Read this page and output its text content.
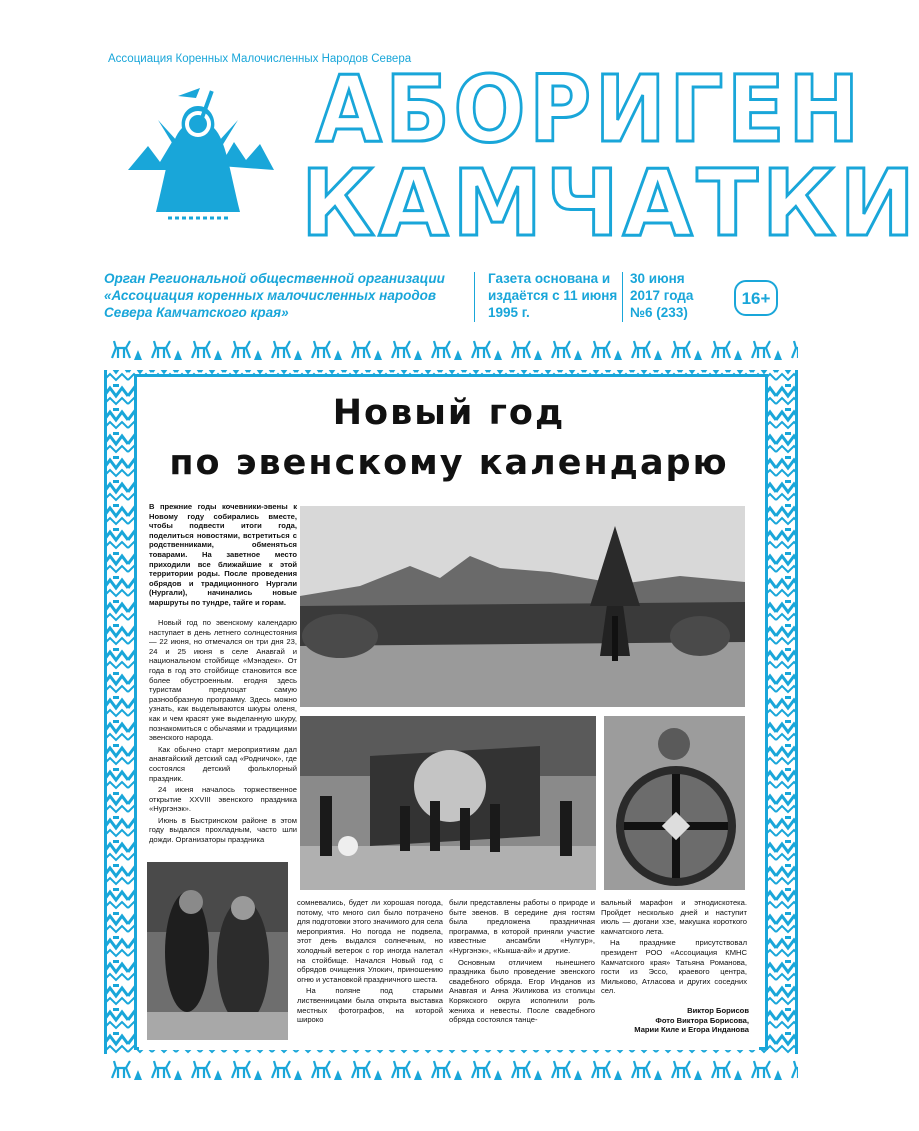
Ассоциация Коренных Малочисленных Народов Севера
АБОРИГЕН
КАМЧАТКИ
Орган Региональной общественной организации «Ассоциация коренных малочисленных народов Севера Камчатского края»
Газета основана и издаётся с 11 июня 1995 г.
30 июня
2017 года
№6 (233)
16+
Новый год
по эвенскому календарю
В прежние годы кочевники-эвены к Новому году собирались вместе, чтобы подвести итоги года, поделиться новостями, встретиться с родственниками, обменяться товарами. На заветное место приходили все ближайшие к этой территории роды. После проведения обрядов и традиционного Нургэли (Нургали), начинались новые маршруты по тундре, тайге и горам.

Новый год по эвенскому календарю наступает в день летнего солнцестояния — 22 июня, но отмечался он три дня 23, 24 и 25 июня в селе Анавгай и национальном стойбище «Мэнэдек». От года в год это стойбище становится все более обустроенным. егодня здесь туристам предлоцат самую разнообразную программу. Здесь можно узнать, как выделываются шкуры оленя, как и чем красят уже выделанную шкуру, познакомиться с обычаями и традициями эвенского народа.

Как обычно старт мероприятиям дал анавгайский детский сад «Родничок», где состоялся детский фольклорный праздник.

24 июня началось торжественное открытие XXVIII эвенского праздника «Нургэнэк».

Июнь в Быстринском районе в этом году выдался прохладным, часто шли дожди. Организаторы праздника

сомневались, будет ли хорошая погода, потому, что много сил было потрачено для подготовки этого значимого для села мероприятия. Но погода не подвела, этот день выдался солнечным, но холодный ветерок с гор иногда налетал на стойбище. Начался Новый год с обрядов очищения Улокич, приношению огню и установкой праздничного шеста.

На поляне под старыми лиственницами была открыта выставка местных фотографов, на которой широко

были представлены работы о природе и быте эвенов. В середине дня гостям была предложена праздничная программа, в которой приняли участие известные ансамбли «Нулгур», «Нургэнэк», «Кыкша-ай» и другие.

Основным отличием нынешнего праздника было проведение эвенского свадебного обряда. Егор Инданов из Анавгая и Анна Жиликова из столицы Корякского округа исполнили роль жениха и невесты. После свадебного обряда состоялся танце-

вальный марафон и этнодискотека. Пройдет несколько дней и наступит июль — дюгани хэе, макушка короткого камчатского лета.

На празднике присутствовал президент РОО «Ассоциация КМНС Камчатского края» Татьяна Романова, гости из Эссо, краевого центра, Мильково, Атласова и других соседних сел.

Виктор Борисов
Фото Виктора Борисова,
Марии Киле и Егора Инданова
